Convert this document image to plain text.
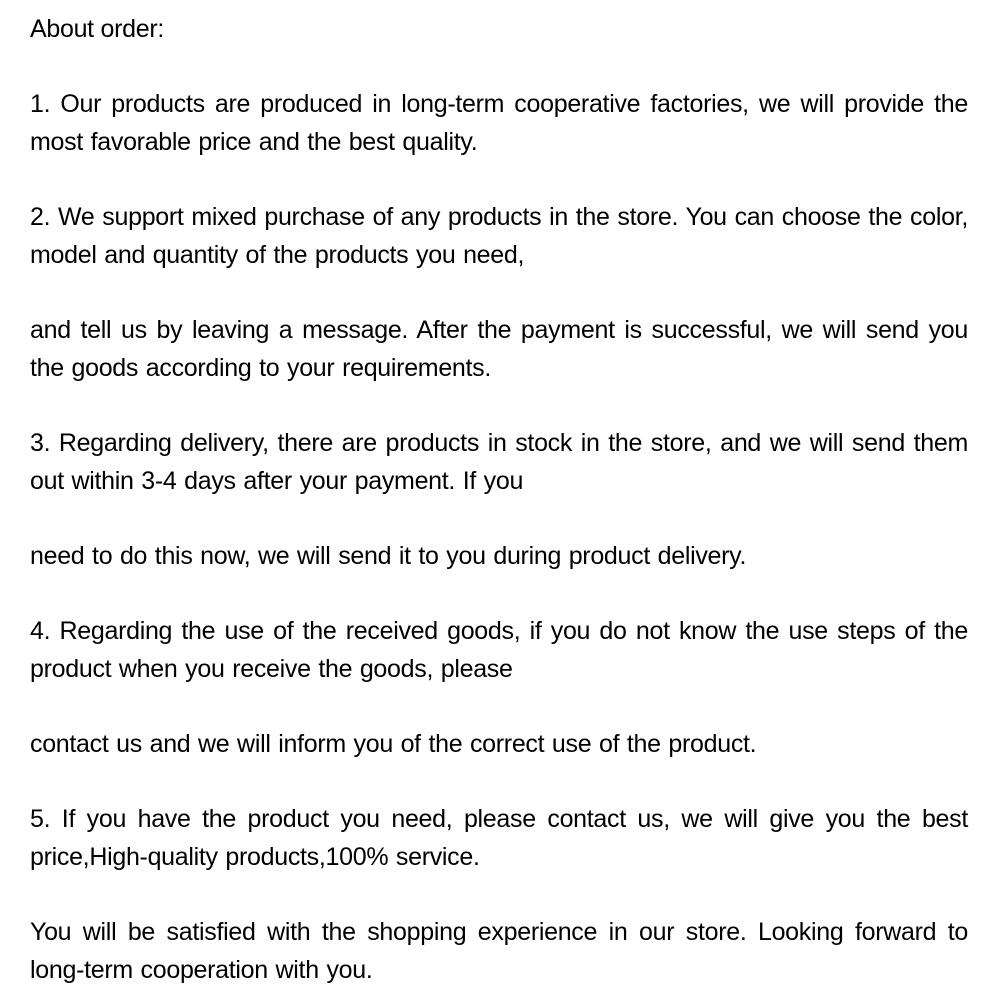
About order:

1. Our products are produced in long-term cooperative factories, we will provide the most favorable price and the best quality.

2. We support mixed purchase of any products in the store. You can choose the color, model and quantity of the products you need,

and tell us by leaving a message. After the payment is successful, we will send you the goods according to your requirements.

3. Regarding delivery, there are products in stock in the store, and we will send them out within 3-4 days after your payment. If you

need to do this now, we will send it to you during product delivery.

4. Regarding the use of the received goods, if you do not know the use steps of the product when you receive the goods, please

contact us and we will inform you of the correct use of the product.

5. If you have the product you need, please contact us, we will give you the best price,High-quality products,100% service.

You will be satisfied with the shopping experience in our store. Looking forward to long-term cooperation with you.
